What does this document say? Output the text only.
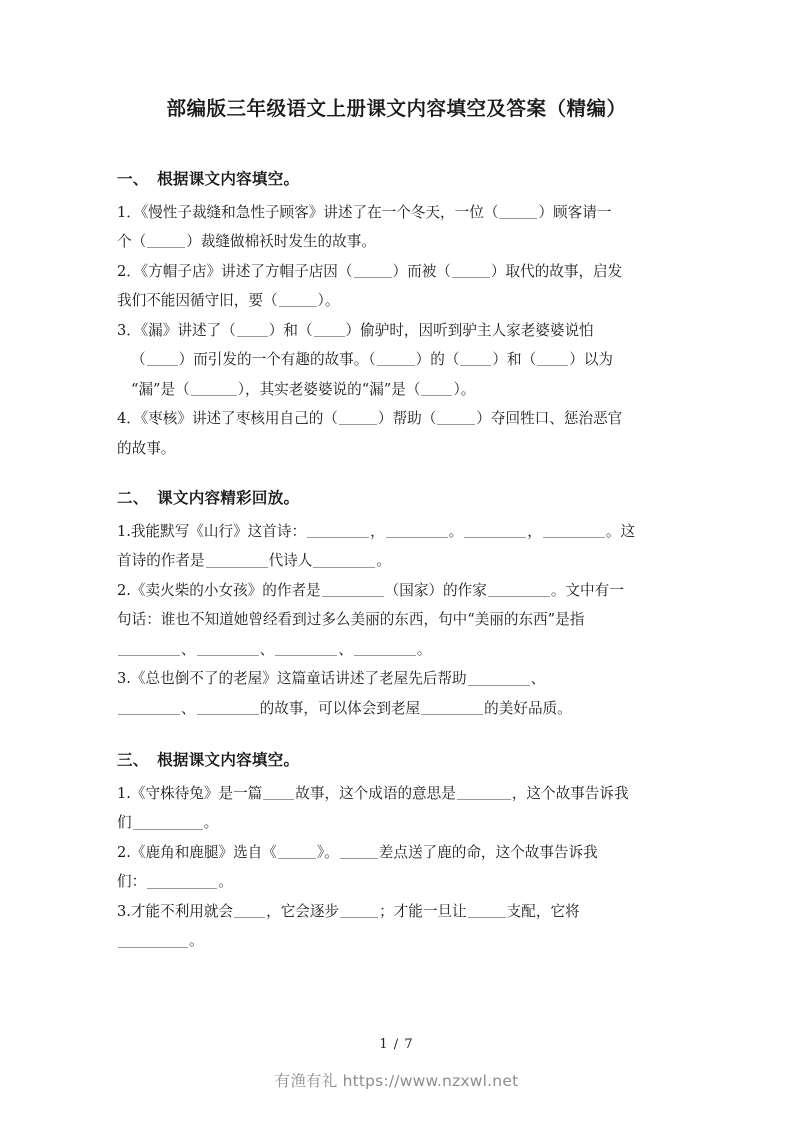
部编版三年级语文上册课文内容填空及答案（精编）
一、 根据课文内容填空。
1．《慢性子裁缝和急性子顾客》讲述了在一个冬天，一位（	）顾客请一
个（	）裁缝做棉袄时发生的故事。
2．《方帽子店》讲述了方帽子店因（	）而被（	）取代的故事，启发
我们不能因循守旧，要（	）。
3．《漏》讲述了（ ）和（ ）偷驴时，因听到驴主人家老婆婆说怕
（ ）而引发的一个有趣的故事。（	）的（ ）和（ ）以为
“漏”是（	），其实老婆婆说的“漏”是（ ）。
4．《枣核》讲述了枣核用自己的（	）帮助（	）夺回牲口、惩治恶官
的故事。
二、 课文内容精彩回放。
1.我能默写《山行》这首诗：	，	。	，	。这
首诗的作者是	代诗人	。
2.《卖火柴的小女孩》的作者是	（国家）的作家	。文中有一
句话：谁也不知道她曾经看到过多么美丽的东西，句中“美丽的东西”是指
、	、	、	。
3.《总也倒不了的老屋》这篇童话讲述了老屋先后帮助	、
、	的故事，可以体会到老屋	的美好品质。
三、 根据课文内容填空。
1.《守株待兔》是一篇 故事，这个成语的意思是	，这个故事告诉我
们	。
2.《鹿角和鹿腿》选自《	》。	差点送了鹿的命，这个故事告诉我
们：	。
3.才能不利用就会 ，它会逐步	；才能一旦让	支配，它将
。
1 / 7
有渔有礼 https://www.nzxwl.net
